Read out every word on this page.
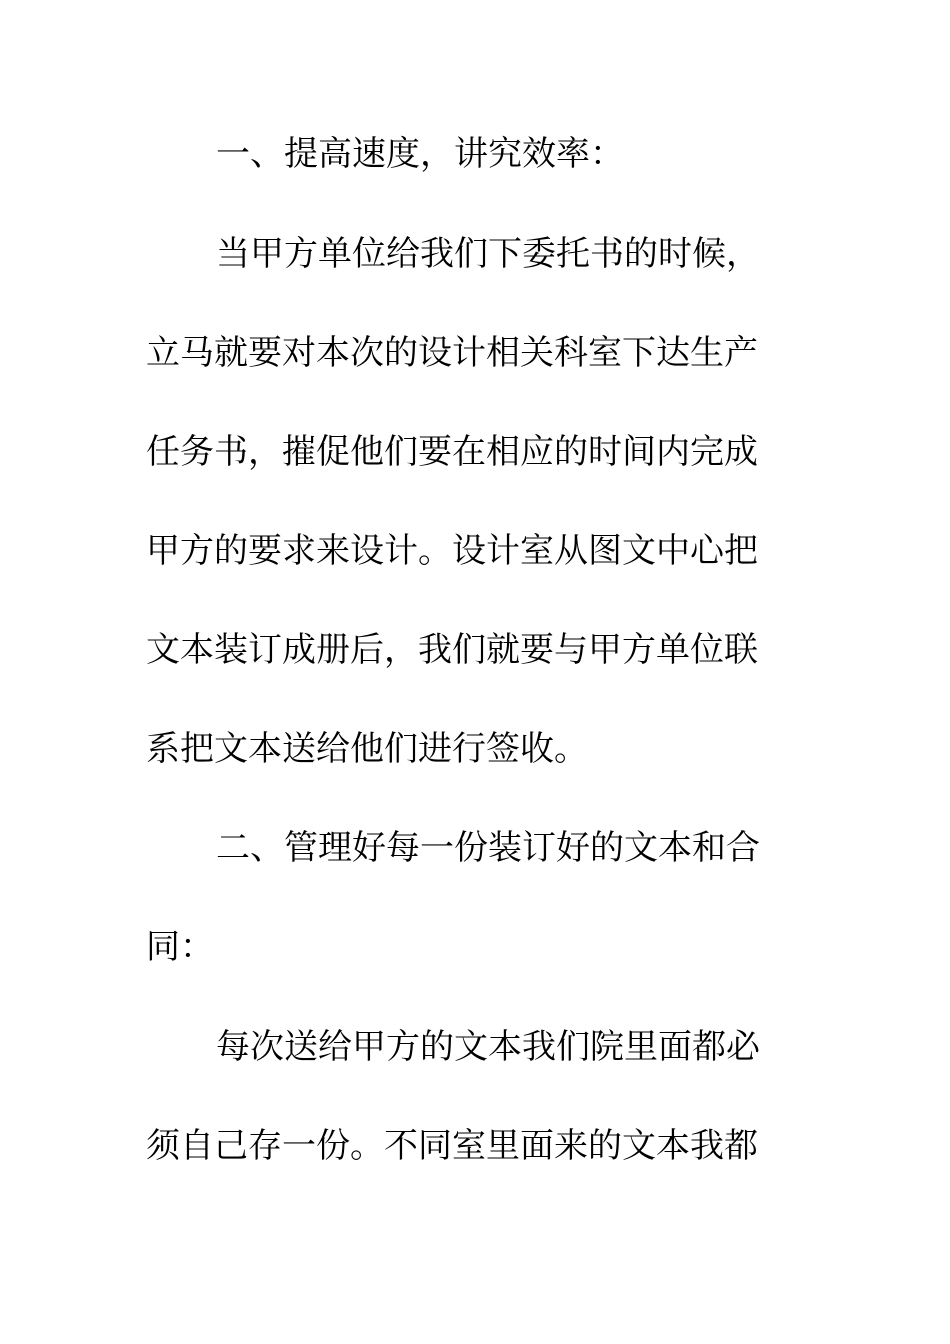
一、提高速度，讲究效率：
当甲方单位给我们下委托书的时候，
立马就要对本次的设计相关科室下达生产
任务书，摧促他们要在相应的时间内完成
甲方的要求来设计。设计室从图文中心把
文本装订成册后，我们就要与甲方单位联
系把文本送给他们进行签收。
二、管理好每一份装订好的文本和合
同：
每次送给甲方的文本我们院里面都必
须自己存一份。不同室里面来的文本我都
